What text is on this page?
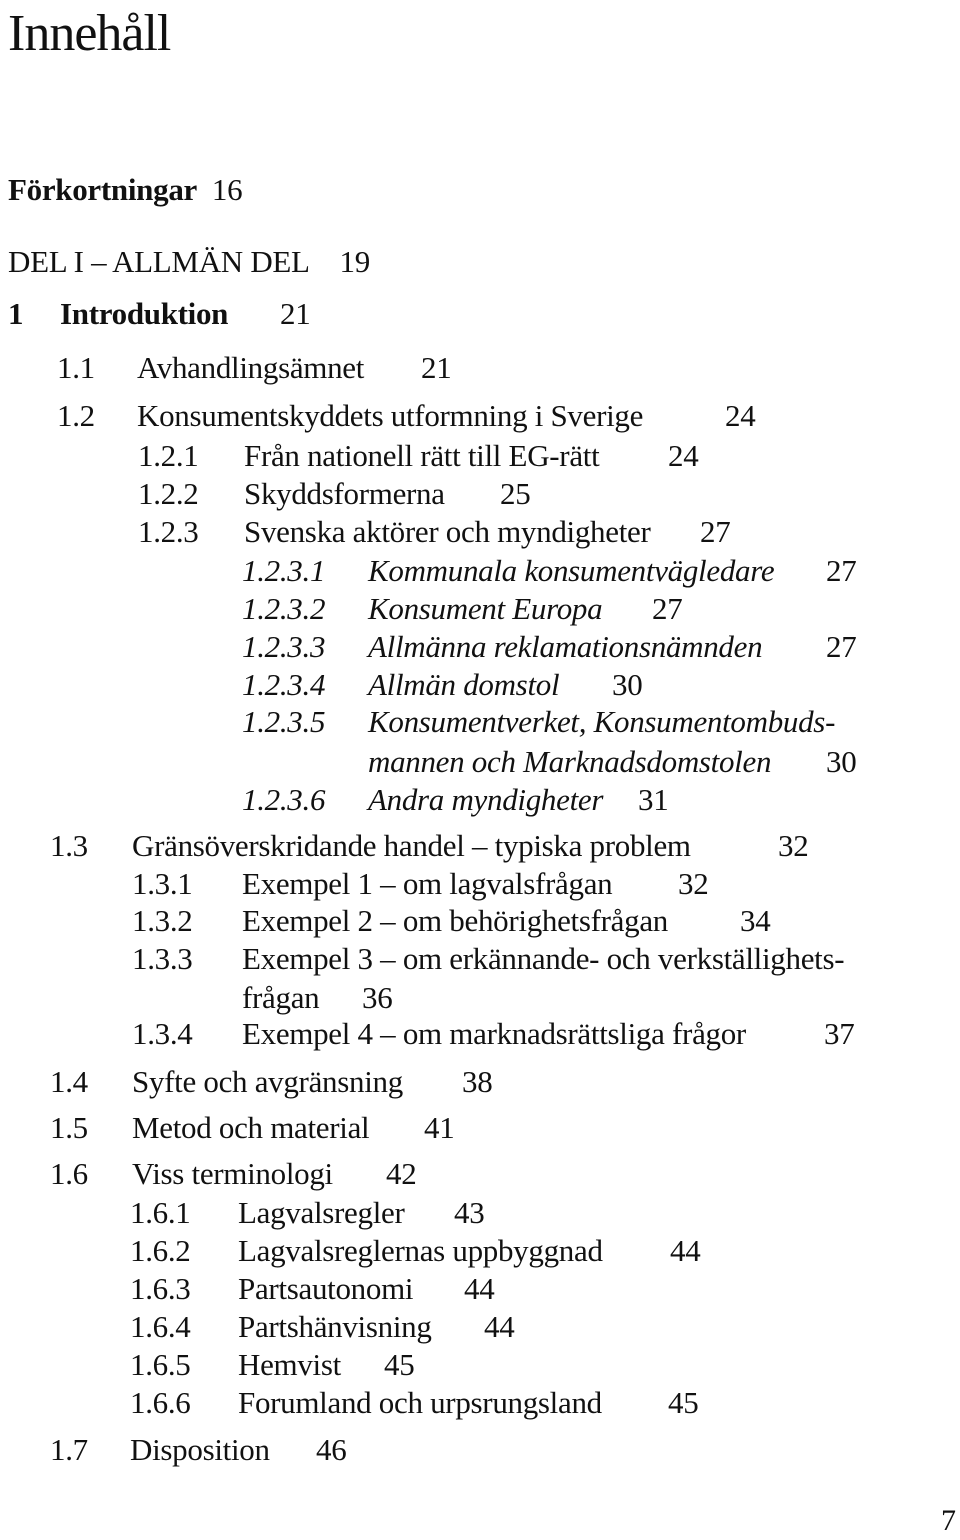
Innehåll
Förkortningar 16
DEL I – ALLMÄN DEL 19
1 Introduktion 21
1.1 Avhandlingsämnet 21
1.2 Konsumentskyddets utformning i Sverige	24
1.2.1 Från nationell rätt till EG-rätt 24
1.2.2 Skyddsformerna 25
1.2.3 Svenska aktörer och myndigheter 27
1.2.3.1 Kommunala konsumentvägledare 27
1.2.3.2 Konsument Europa 27
1.2.3.3 Allmänna reklamationsnämnden 27
1.2.3.4 Allmän domstol 30
1.2.3.5 Konsumentverket, Konsumentombuds-
mannen och Marknadsdomstolen 30
1.2.3.6 Andra myndigheter 31
1.3 Gränsöverskridande handel – typiska problem	32
1.3.1 Exempel 1 – om lagvalsfrågan 32
1.3.2 Exempel 2 – om behörighetsfrågan 34
1.3.3 Exempel 3 – om erkännande- och verkställighets-
frågan 36
1.3.4 Exempel 4 – om marknadsrättsliga frågor	37
1.4 Syfte och avgränsning 38
1.5 Metod och material 41
1.6 Viss terminologi 42
1.6.1 Lagvalsregler 43
1.6.2 Lagvalsreglernas uppbyggnad 44
1.6.3 Partsautonomi 44
1.6.4 Partshänvisning 44
1.6.5 Hemvist 45
1.6.6 Forumland och urpsrungsland 45
1.7 Disposition 46
7
